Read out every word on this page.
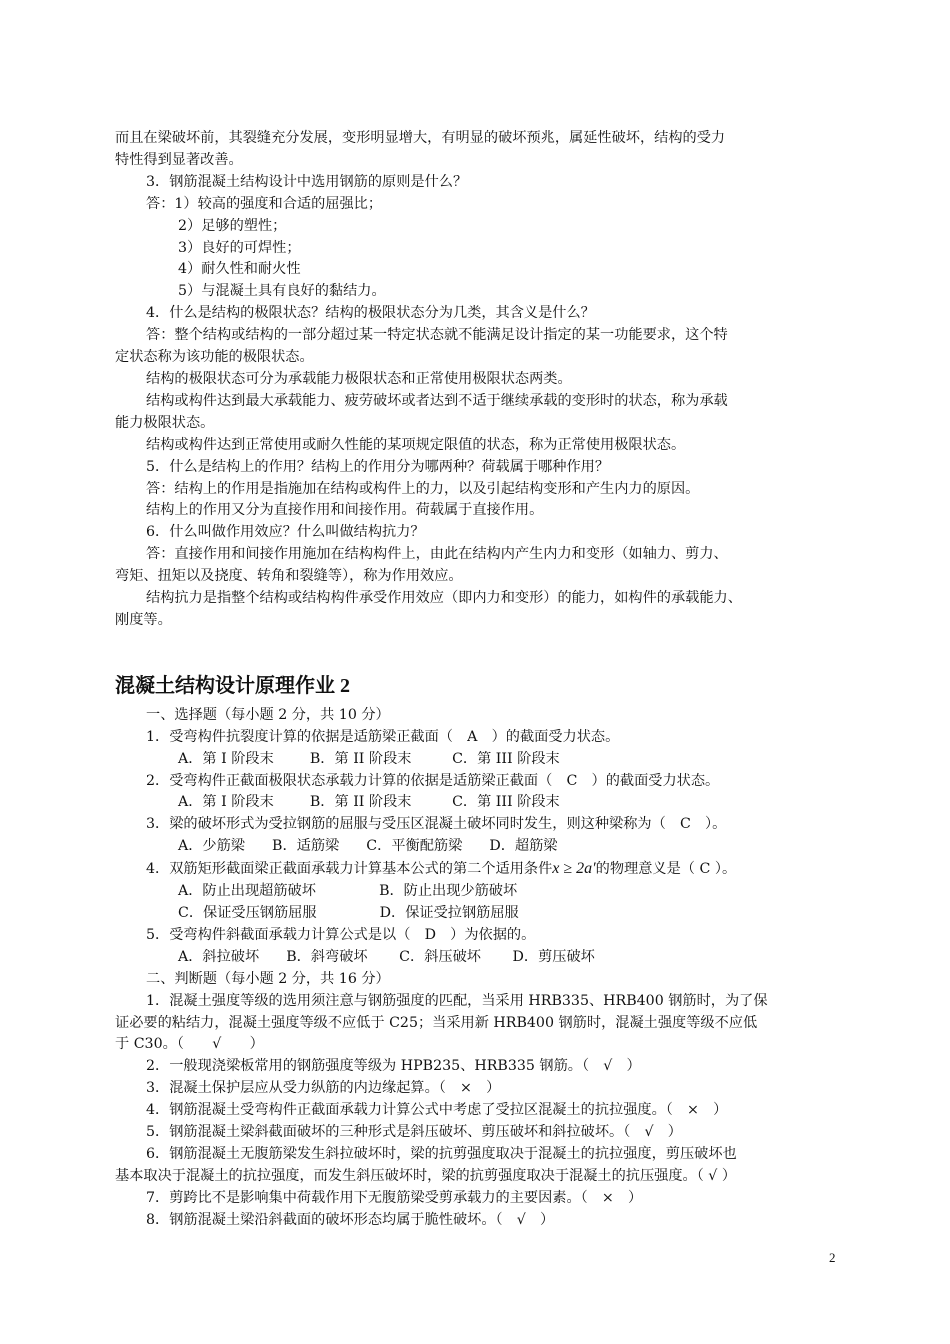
而且在梁破坏前，其裂缝充分发展，变形明显增大，有明显的破坏预兆，属延性破坏，结构的受力

特性得到显著改善。

3．钢筋混凝土结构设计中选用钢筋的原则是什么？

答：1）较高的强度和合适的屈强比；

2）足够的塑性；

3）良好的可焊性；

4）耐久性和耐火性

5）与混凝土具有良好的黏结力。

4．什么是结构的极限状态？结构的极限状态分为几类，其含义是什么？

答：整个结构或结构的一部分超过某一特定状态就不能满足设计指定的某一功能要求，这个特

定状态称为该功能的极限状态。

结构的极限状态可分为承载能力极限状态和正常使用极限状态两类。

结构或构件达到最大承载能力、疲劳破坏或者达到不适于继续承载的变形时的状态，称为承载

能力极限状态。

结构或构件达到正常使用或耐久性能的某项规定限值的状态，称为正常使用极限状态。

5．什么是结构上的作用？结构上的作用分为哪两种？荷载属于哪种作用？

答：结构上的作用是指施加在结构或构件上的力，以及引起结构变形和产生内力的原因。

结构上的作用又分为直接作用和间接作用。荷载属于直接作用。

6．什么叫做作用效应？什么叫做结构抗力？

答：直接作用和间接作用施加在结构构件上，由此在结构内产生内力和变形（如轴力、剪力、

弯矩、扭矩以及挠度、转角和裂缝等），称为作用效应。

结构抗力是指整个结构或结构构件承受作用效应（即内力和变形）的能力，如构件的承载能力、

刚度等。

混凝土结构设计原理作业 2

一、选择题（每小题 2 分，共 10 分）

1．受弯构件抗裂度计算的依据是适筋梁正截面（　A　）的截面受力状态。

A．第 I 阶段末        B．第 II 阶段末         C．第 III 阶段末

2．受弯构件正截面极限状态承载力计算的依据是适筋梁正截面（　C　）的截面受力状态。

A．第 I 阶段末        B．第 II 阶段末         C．第 III 阶段末

3．梁的破坏形式为受拉钢筋的屈服与受压区混凝土破坏同时发生，则这种梁称为（　C　）。

A．少筋梁      B．适筋梁      C．平衡配筋梁      D．超筋梁

4．双筋矩形截面梁正截面承载力计算基本公式的第二个适用条件x ≥ 2a′的物理意义是（ C ）。

A．防止出现超筋破坏              B．防止出现少筋破坏

C．保证受压钢筋屈服              D．保证受拉钢筋屈服

5．受弯构件斜截面承载力计算公式是以（　D　）为依据的。

A．斜拉破坏      B．斜弯破坏       C．斜压破坏       D．剪压破坏

二、判断题（每小题 2 分，共 16 分）

1．混凝土强度等级的选用须注意与钢筋强度的匹配，当采用 HRB335、HRB400 钢筋时，为了保

证必要的粘结力，混凝土强度等级不应低于 C25；当采用新 HRB400 钢筋时，混凝土强度等级不应低

于 C30。（　　√　　）

2．一般现浇梁板常用的钢筋强度等级为 HPB235、HRB335 钢筋。（　√　）

3．混凝土保护层应从受力纵筋的内边缘起算。（　×　）

4．钢筋混凝土受弯构件正截面承载力计算公式中考虑了受拉区混凝土的抗拉强度。（　×　）

5．钢筋混凝土梁斜截面破坏的三种形式是斜压破坏、剪压破坏和斜拉破坏。（　√　）

6．钢筋混凝土无腹筋梁发生斜拉破坏时，梁的抗剪强度取决于混凝土的抗拉强度，剪压破坏也

基本取决于混凝土的抗拉强度，而发生斜压破坏时，梁的抗剪强度取决于混凝土的抗压强度。（ √ ）

7．剪跨比不是影响集中荷载作用下无腹筋梁受剪承载力的主要因素。（　×　）

8．钢筋混凝土梁沿斜截面的破坏形态均属于脆性破坏。（　√　）

2
